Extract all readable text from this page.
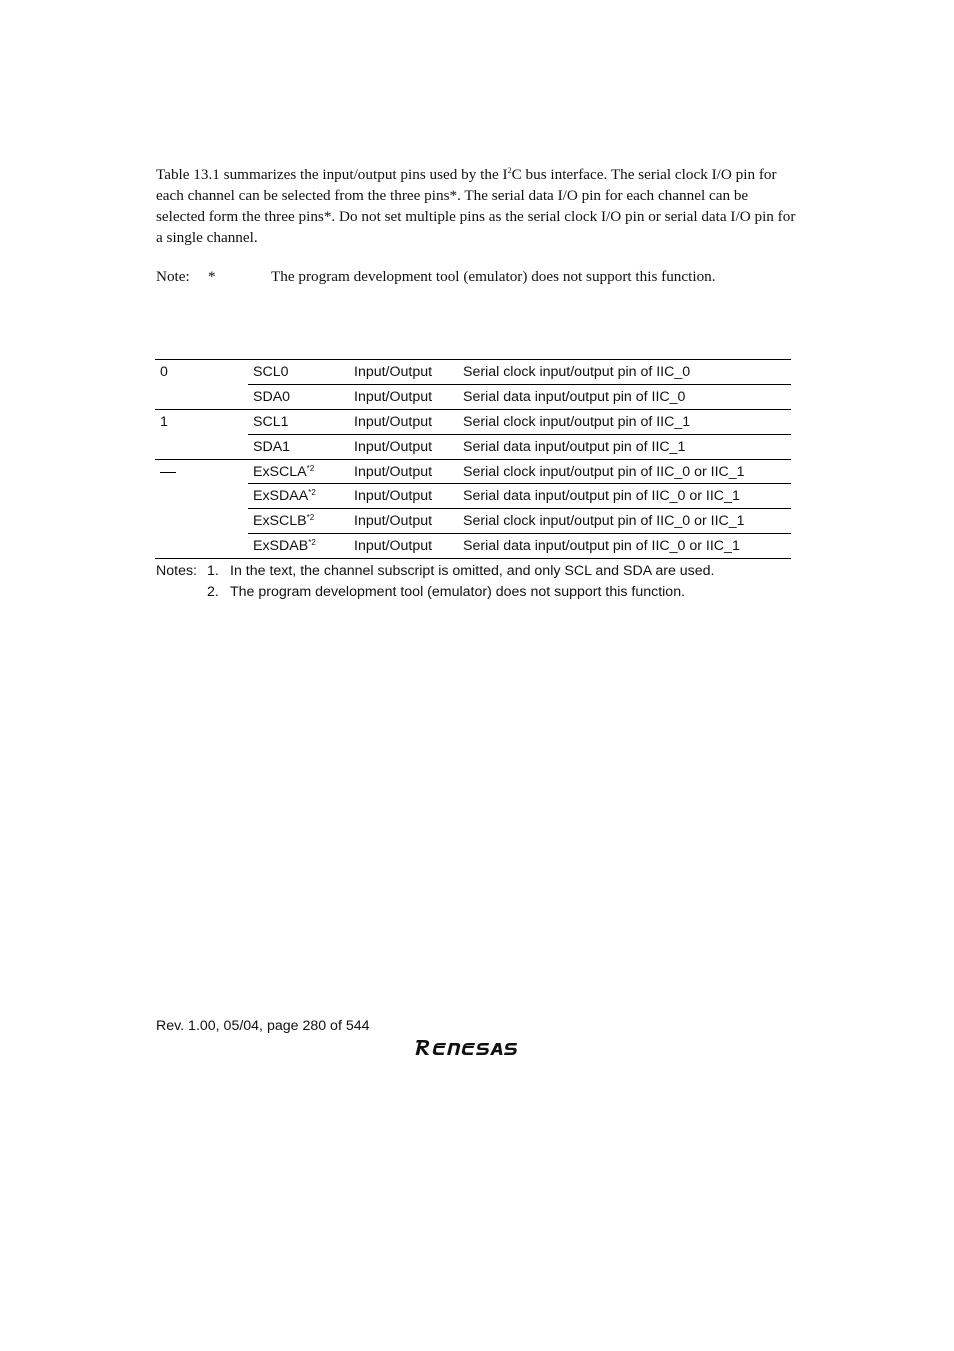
Table 13.1 summarizes the input/output pins used by the $I^2C$ bus interface. The serial clock I/O pin for each channel can be selected from the three pins*. The serial data I/O pin for each channel can be selected form the three pins*. Do not set multiple pins as the serial clock I/O pin or serial data I/O pin for a single channel.

Note: *	The program development tool (emulator) does not support this function.
0	SCL0	Input/Output	Serial clock input/output pin of IIC_0
	SDA0	Input/Output	Serial data input/output pin of IIC_0
1	SCL1	Input/Output	Serial clock input/output pin of IIC_1
	SDA1	Input/Output	Serial data input/output pin of IIC_1
	ExSCLA$^{*2}$	Input/Output	Serial clock input/output pin of IIC_0 or IIC_1
	ExSDAA$^{*2}$	Input/Output	Serial data input/output pin of IIC_0 or IIC_1
	ExSCLB$^{*2}$	Input/Output	Serial clock input/output pin of IIC_0 or IIC_1
	ExSDAB$^{*2}$	Input/Output	Serial data input/output pin of IIC_0 or IIC_1
Notes: 1. In the text, the channel subscript is omitted, and only SCL and SDA are used.
2. The program development tool (emulator) does not support this function.
Rev. 1.00, 05/04, page 280 of 544
